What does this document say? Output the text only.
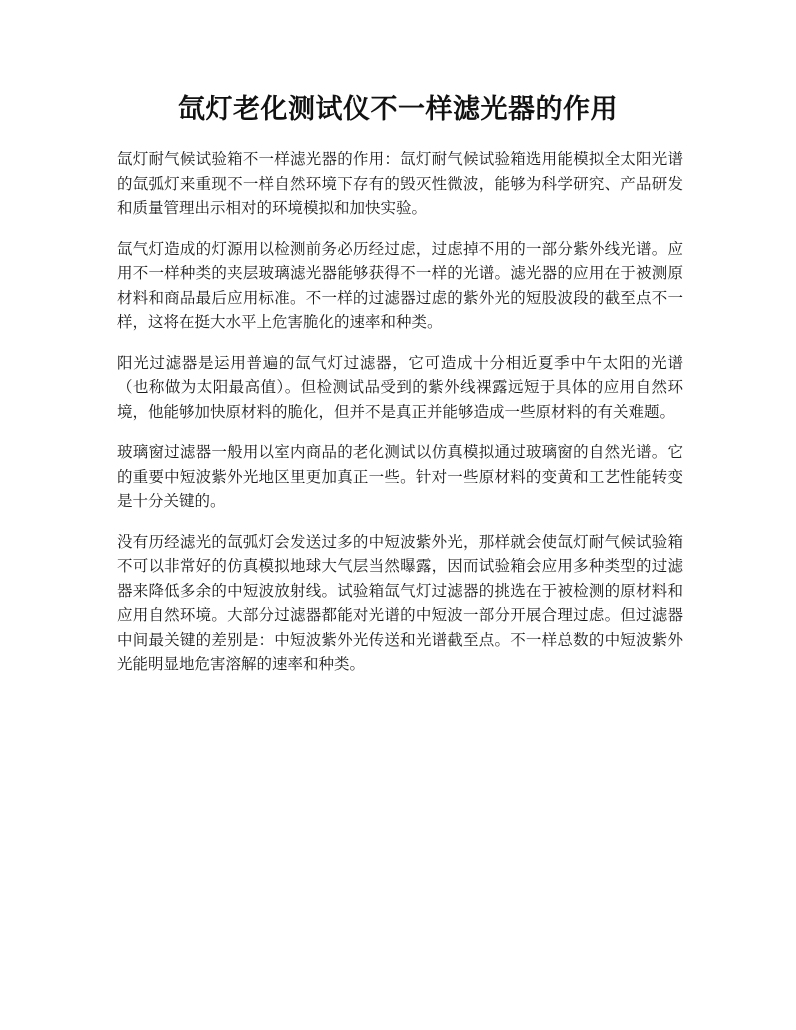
氙灯老化测试仪不一样滤光器的作用

氙灯耐气候试验箱不一样滤光器的作用：氙灯耐气候试验箱选用能模拟全太阳光谱的氙弧灯来重现不一样自然环境下存有的毁灭性微波，能够为科学研究、产品研发和质量管理出示相对的环境模拟和加快实验。

氙气灯造成的灯源用以检测前务必历经过虑，过虑掉不用的一部分紫外线光谱。应用不一样种类的夹层玻璃滤光器能够获得不一样的光谱。滤光器的应用在于被测原材料和商品最后应用标准。不一样的过滤器过虑的紫外光的短股波段的截至点不一样，这将在挺大水平上危害脆化的速率和种类。

阳光过滤器是运用普遍的氙气灯过滤器，它可造成十分相近夏季中午太阳的光谱（也称做为太阳最高值）。但检测试品受到的紫外线裸露远短于具体的应用自然环境，他能够加快原材料的脆化，但并不是真正并能够造成一些原材料的有关难题。

玻璃窗过滤器一般用以室内商品的老化测试以仿真模拟通过玻璃窗的自然光谱。它的重要中短波紫外光地区里更加真正一些。针对一些原材料的变黄和工艺性能转变是十分关键的。

没有历经滤光的氙弧灯会发送过多的中短波紫外光，那样就会使氙灯耐气候试验箱不可以非常好的仿真模拟地球大气层当然曝露，因而试验箱会应用多种类型的过滤器来降低多余的中短波放射线。试验箱氙气灯过滤器的挑选在于被检测的原材料和应用自然环境。大部分过滤器都能对光谱的中短波一部分开展合理过虑。但过滤器中间最关键的差别是：中短波紫外光传送和光谱截至点。不一样总数的中短波紫外光能明显地危害溶解的速率和种类。
